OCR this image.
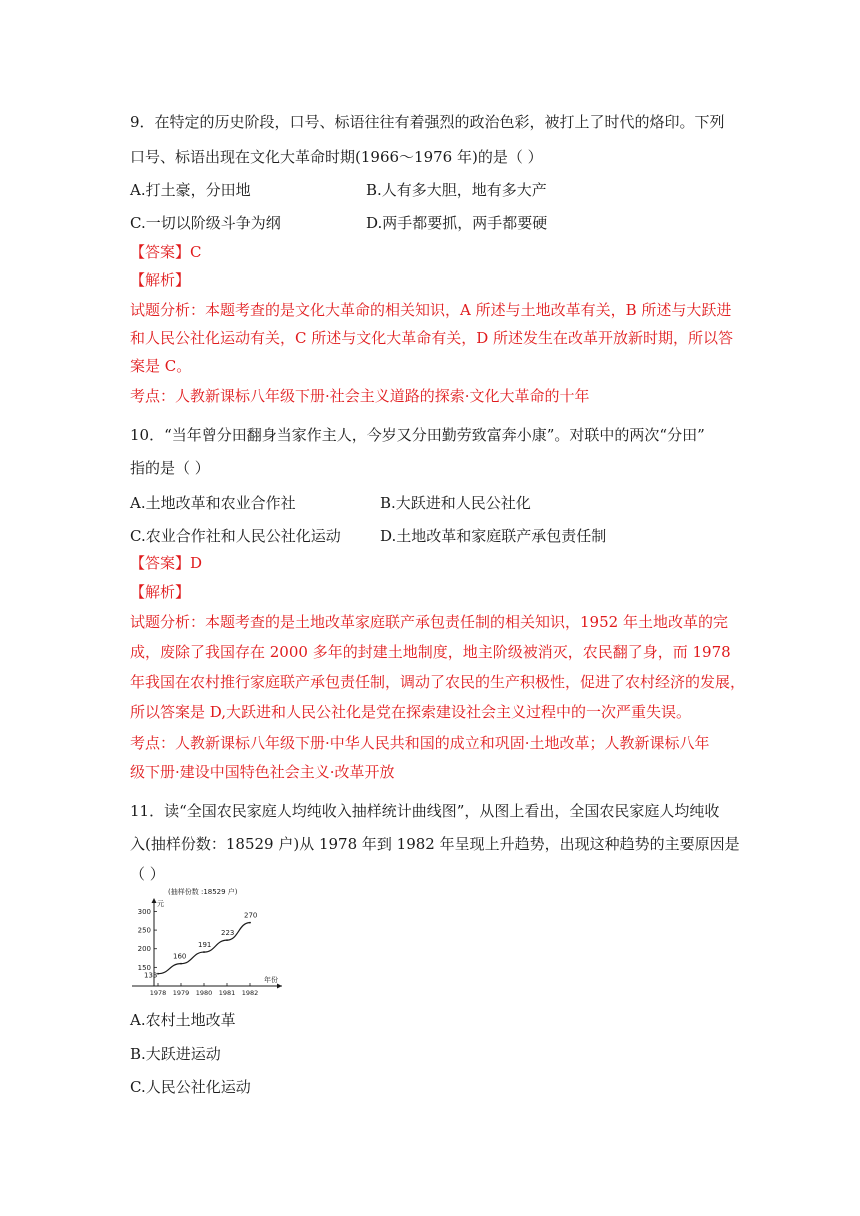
9．在特定的历史阶段，口号、标语往往有着强烈的政治色彩，被打上了时代的烙印。下列
口号、标语出现在文化大革命时期(1966～1976 年)的是（ ）
A.打土豪，分田地	B.人有多大胆，地有多大产
C.一切以阶级斗争为纲	D.两手都要抓，两手都要硬
【答案】C
【解析】
试题分析：本题考查的是文化大革命的相关知识，A 所述与土地改革有关，B 所述与大跃进
和人民公社化运动有关，C 所述与文化大革命有关，D 所述发生在改革开放新时期，所以答
案是 C。
考点：人教新课标八年级下册·社会主义道路的探索·文化大革命的十年
10．“当年曾分田翻身当家作主人，今岁又分田勤劳致富奔小康”。对联中的两次“分田”
指的是（ ）
A.土地改革和农业合作社	B.大跃进和人民公社化
C.农业合作社和人民公社化运动	D.土地改革和家庭联产承包责任制
【答案】D
【解析】
试题分析：本题考查的是土地改革家庭联产承包责任制的相关知识，1952 年土地改革的完
成，废除了我国存在 2000 多年的封建土地制度，地主阶级被消灭，农民翻了身，而 1978
年我国在农村推行家庭联产承包责任制，调动了农民的生产积极性，促进了农村经济的发展，
所以答案是 D,大跃进和人民公社化是党在探索建设社会主义过程中的一次严重失误。
考点：人教新课标八年级下册·中华人民共和国的成立和巩固·土地改革；人教新课标八年
级下册·建设中国特色社会主义·改革开放
11．读“全国农民家庭人均纯收入抽样统计曲线图”，从图上看出，全国农民家庭人均纯收
入(抽样份数：18529 户)从 1978 年到 1982 年呈现上升趋势，出现这种趋势的主要原因是
（ ）
(抽样份数 :18529 户)
元
年份
150
200
250
300
1978 1979 1980 1981 1982
133
160
191
223
270
A.农村土地改革
B.大跃进运动
C.人民公社化运动
